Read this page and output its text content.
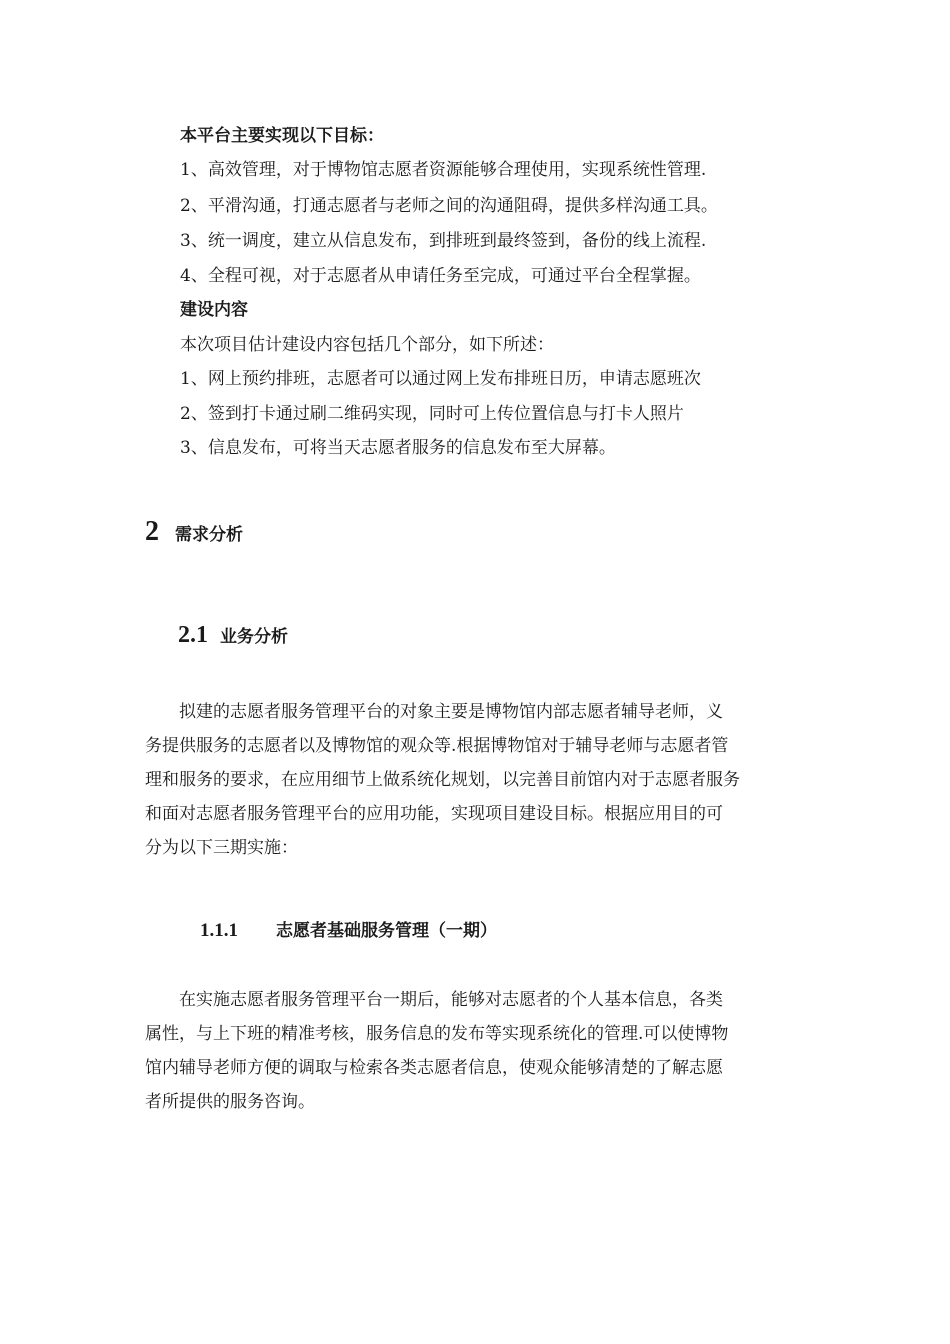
本平台主要实现以下目标：
1、高效管理，对于博物馆志愿者资源能够合理使用，实现系统性管理.
2、平滑沟通，打通志愿者与老师之间的沟通阻碍，提供多样沟通工具。
3、统一调度，建立从信息发布，到排班到最终签到，备份的线上流程.
4、全程可视，对于志愿者从申请任务至完成，可通过平台全程掌握。
建设内容
本次项目估计建设内容包括几个部分，如下所述：
1、网上预约排班，志愿者可以通过网上发布排班日历，申请志愿班次
2、签到打卡通过刷二维码实现，同时可上传位置信息与打卡人照片
3、信息发布，可将当天志愿者服务的信息发布至大屏幕。
2 需求分析
2.1 业务分析
　　拟建的志愿者服务管理平台的对象主要是博物馆内部志愿者辅导老师，义
务提供服务的志愿者以及博物馆的观众等.根据博物馆对于辅导老师与志愿者管
理和服务的要求，在应用细节上做系统化规划，以完善目前馆内对于志愿者服务
和面对志愿者服务管理平台的应用功能，实现项目建设目标。根据应用目的可
分为以下三期实施：
1.1.1 志愿者基础服务管理（一期）
　　在实施志愿者服务管理平台一期后，能够对志愿者的个人基本信息，各类
属性，与上下班的精准考核，服务信息的发布等实现系统化的管理.可以使博物
馆内辅导老师方便的调取与检索各类志愿者信息，使观众能够清楚的了解志愿
者所提供的服务咨询。
